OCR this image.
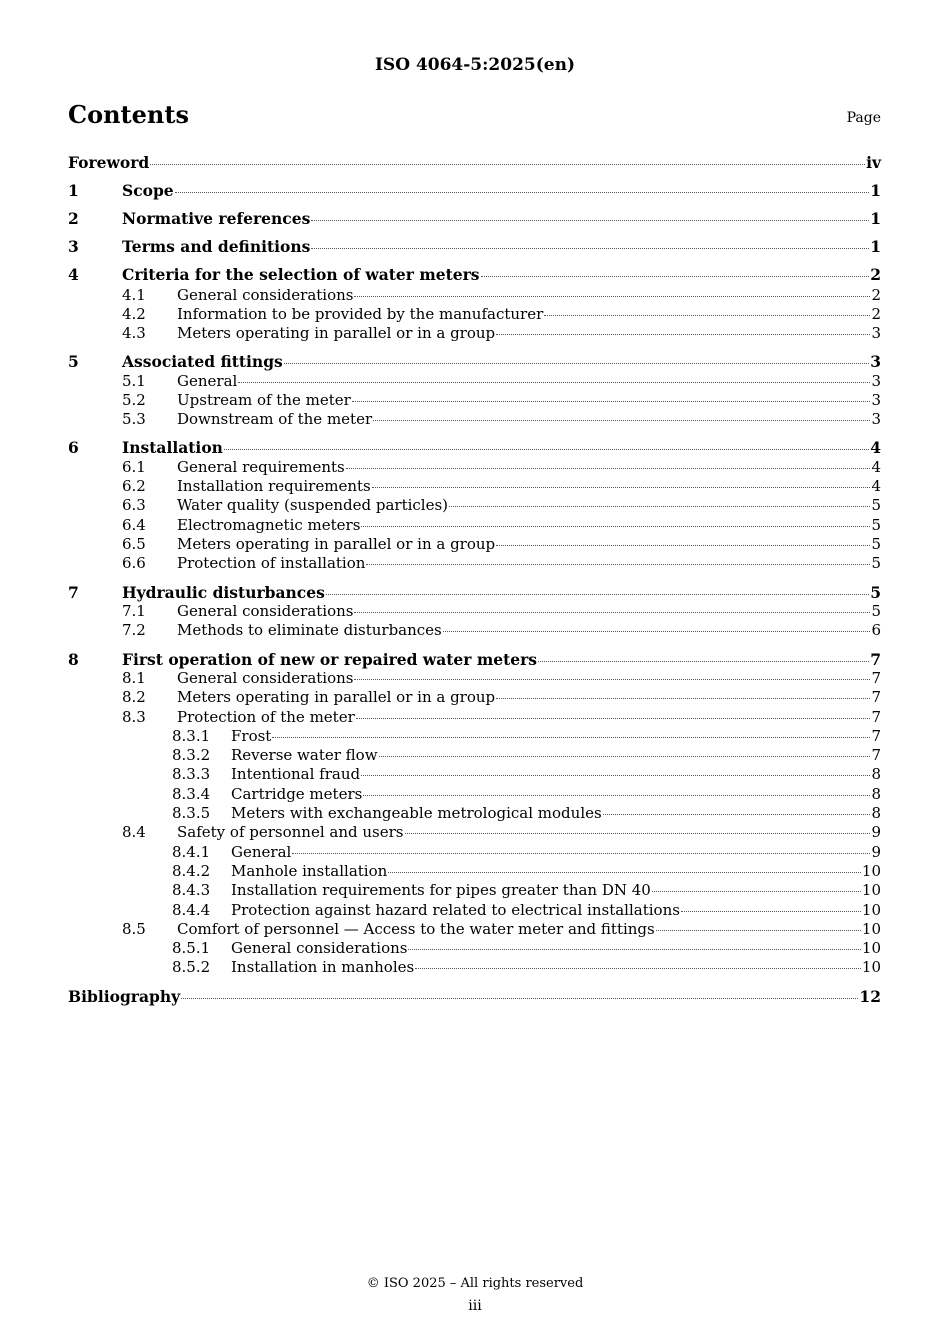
ISO 4064-5:2025(en)
Contents	Page
Foreword	iv
1	Scope	1
2	Normative references	1
3	Terms and definitions	1
4	Criteria for the selection of water meters	2
4.1	General considerations	2
4.2	Information to be provided by the manufacturer	2
4.3	Meters operating in parallel or in a group	3
5	Associated fittings	3
5.1	General	3
5.2	Upstream of the meter	3
5.3	Downstream of the meter	3
6	Installation	4
6.1	General requirements	4
6.2	Installation requirements	4
6.3	Water quality (suspended particles)	5
6.4	Electromagnetic meters	5
6.5	Meters operating in parallel or in a group	5
6.6	Protection of installation	5
7	Hydraulic disturbances	5
7.1	General considerations	5
7.2	Methods to eliminate disturbances	6
8	First operation of new or repaired water meters	7
8.1	General considerations	7
8.2	Meters operating in parallel or in a group	7
8.3	Protection of the meter	7
8.3.1	Frost	7
8.3.2	Reverse water flow	7
8.3.3	Intentional fraud	8
8.3.4	Cartridge meters	8
8.3.5	Meters with exchangeable metrological modules	8
8.4	Safety of personnel and users	9
8.4.1	General	9
8.4.2	Manhole installation	10
8.4.3	Installation requirements for pipes greater than DN 40	10
8.4.4	Protection against hazard related to electrical installations	10
8.5	Comfort of personnel — Access to the water meter and fittings	10
8.5.1	General considerations	10
8.5.2	Installation in manholes	10
Bibliography	12
© ISO 2025 – All rights reserved
iii
